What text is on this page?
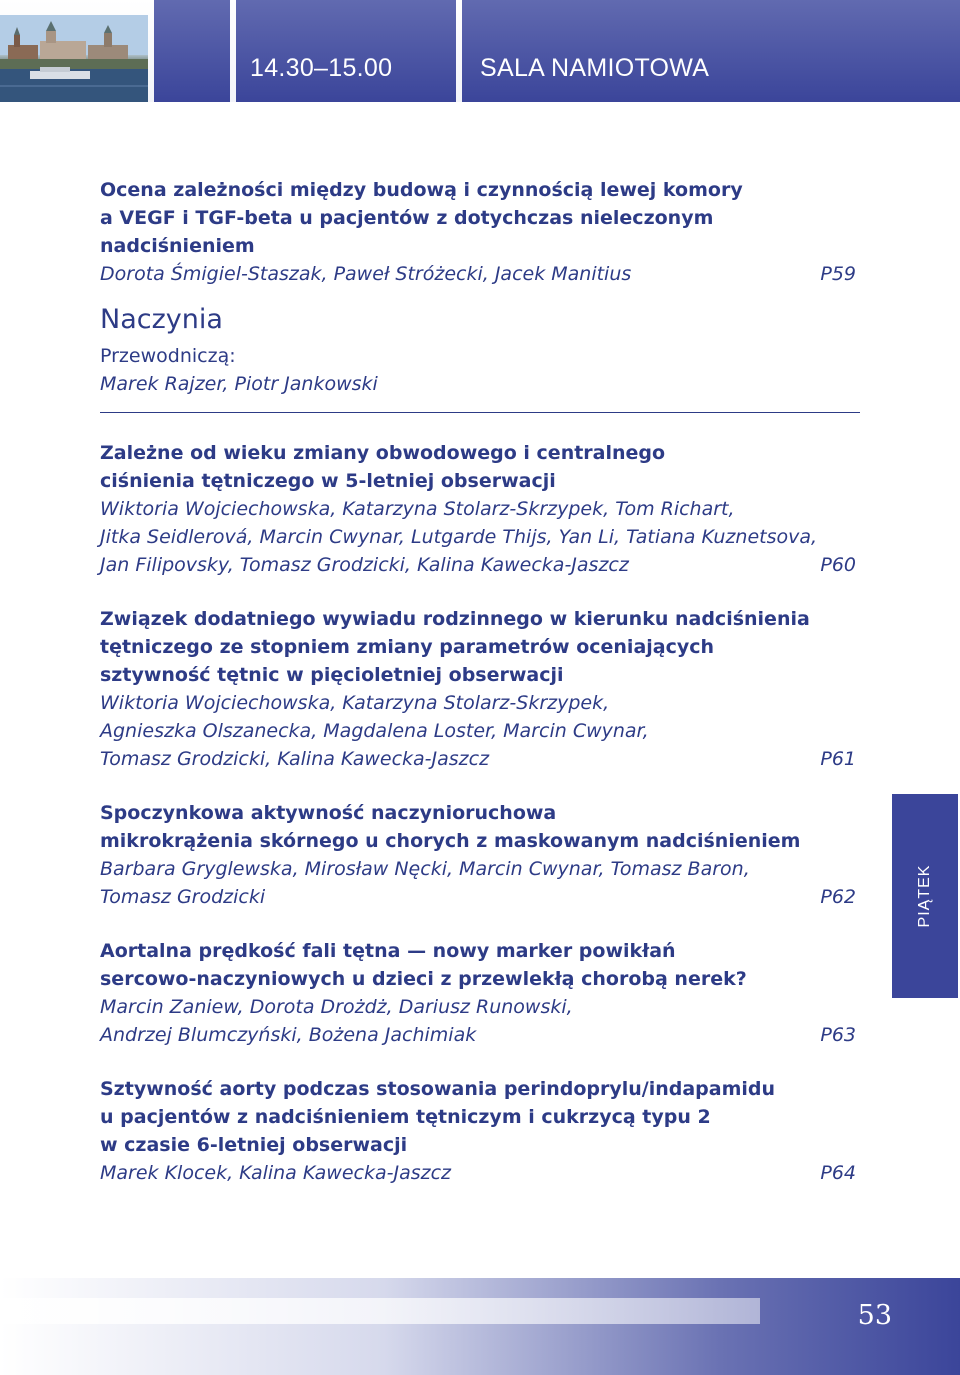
14.30–15.00	SALA NAMIOTOWA

Ocena zależności między budową i czynnością lewej komory

a VEGF i TGF-beta u pacjentów z dotychczas nieleczonym

nadciśnieniem

Dorota Śmigiel-Staszak, Paweł Stróżecki, Jacek Manitius	P59
Naczynia

Przewodniczą:

Marek Rajzer, Piotr Jankowski

Zależne od wieku zmiany obwodowego i centralnego

ciśnienia tętniczego w 5-letniej obserwacji

Wiktoria Wojciechowska, Katarzyna Stolarz-Skrzypek, Tom Richart,

Jitka Seidlerová, Marcin Cwynar, Lutgarde Thijs, Yan Li, Tatiana Kuznetsova,

Jan Filipovsky, Tomasz Grodzicki, Kalina Kawecka-Jaszcz	P60

Związek dodatniego wywiadu rodzinnego w kierunku nadciśnienia

tętniczego ze stopniem zmiany parametrów oceniających

sztywność tętnic w pięcioletniej obserwacji

Wiktoria Wojciechowska, Katarzyna Stolarz-Skrzypek,

Agnieszka Olszanecka, Magdalena Loster, Marcin Cwynar,

Tomasz Grodzicki, Kalina Kawecka-Jaszcz	P61

Spoczynkowa aktywność naczynioruchowa

mikrokrążenia skórnego u chorych z maskowanym nadciśnieniem

Barbara Gryglewska, Mirosław Nęcki, Marcin Cwynar, Tomasz Baron,

Tomasz Grodzicki	P62

Aortalna prędkość fali tętna — nowy marker powikłań

sercowo-naczyniowych u dzieci z przewlekłą chorobą nerek?

Marcin Zaniew, Dorota Drożdż, Dariusz Runowski,

Andrzej Blumczyński, Bożena Jachimiak	P63

Sztywność aorty podczas stosowania perindoprylu/indapamidu

u pacjentów z nadciśnieniem tętniczym i cukrzycą typu 2

w czasie 6-letniej obserwacji

Marek Klocek, Kalina Kawecka-Jaszcz	P64
PIĄTEK
53
